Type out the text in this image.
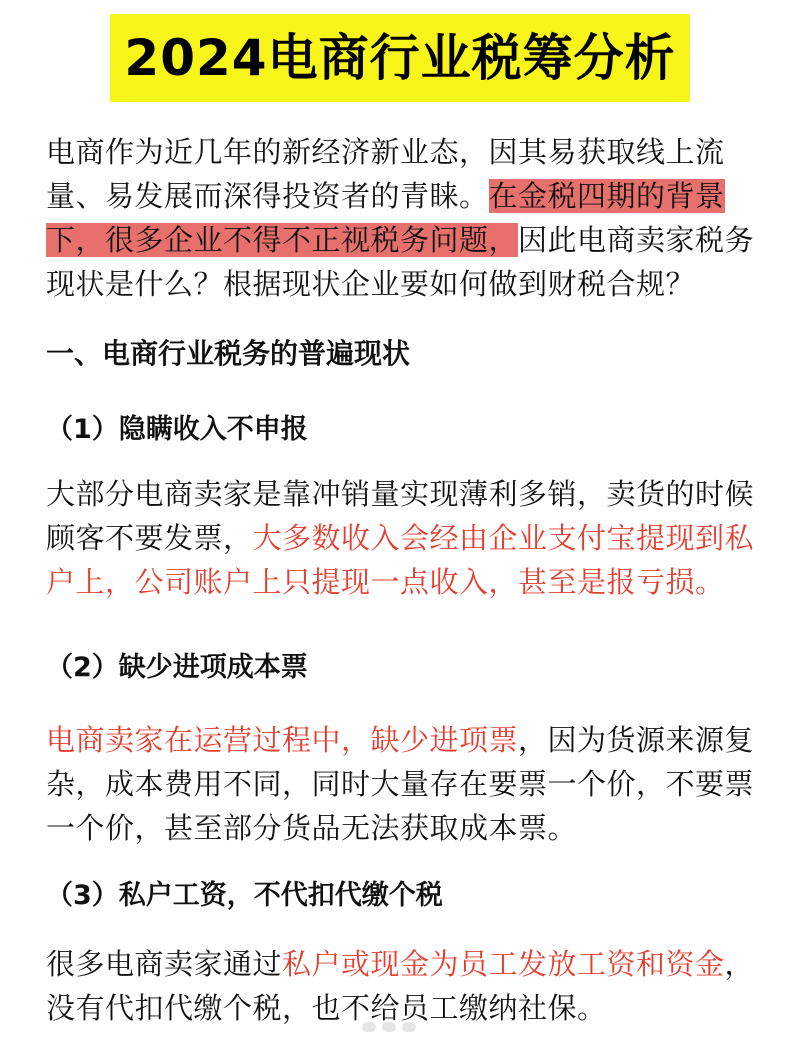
2024电商行业税筹分析

电商作为近几年的新经济新业态，因其易获取线上流量、易发展而深得投资者的青睐。在金税四期的背景下，很多企业不得不正视税务问题，因此电商卖家税务现状是什么？根据现状企业要如何做到财税合规？

一、电商行业税务的普遍现状
（1）隐瞒收入不申报

大部分电商卖家是靠冲销量实现薄利多销，卖货的时候顾客不要发票，大多数收入会经由企业支付宝提现到私户上，公司账户上只提现一点收入，甚至是报亏损。

（2）缺少进项成本票

电商卖家在运营过程中，缺少进项票，因为货源来源复杂，成本费用不同，同时大量存在要票一个价，不要票一个价，甚至部分货品无法获取成本票。

（3）私户工资，不代扣代缴个税

很多电商卖家通过私户或现金为员工发放工资和资金，没有代扣代缴个税，也不给员工缴纳社保。
